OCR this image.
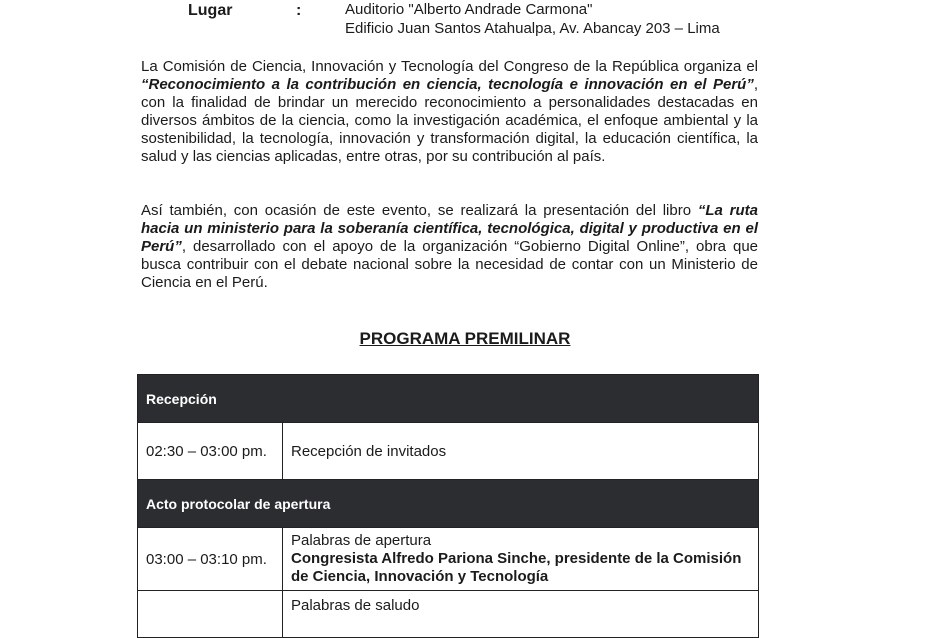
Lugar	:	Auditorio "Alberto Andrade Carmona"
Edificio Juan Santos Atahualpa, Av. Abancay 203 – Lima

La Comisión de Ciencia, Innovación y Tecnología del Congreso de la República organiza el “Reconocimiento a la contribución en ciencia, tecnología e innovación en el Perú”, con la finalidad de brindar un merecido reconocimiento a personalidades destacadas en diversos ámbitos de la ciencia, como la investigación académica, el enfoque ambiental y la sostenibilidad, la tecnología, innovación y transformación digital, la educación científica, la salud y las ciencias aplicadas, entre otras, por su contribución al país.

Así también, con ocasión de este evento, se realizará la presentación del libro “La ruta hacia un ministerio para la soberanía científica, tecnológica, digital y productiva en el Perú”, desarrollado con el apoyo de la organización “Gobierno Digital Online”, obra que busca contribuir con el debate nacional sobre la necesidad de contar con un Ministerio de Ciencia en el Perú.

PROGRAMA PREMILINAR
Recepción	
02:30 – 03:00 pm.	Recepción de invitados
Acto protocolar de apertura	
03:00 – 03:10 pm.	Palabras de apertura
Congresista Alfredo Pariona Sinche, presidente de la Comisión de Ciencia, Innovación y Tecnología

	Palabras de saludo
